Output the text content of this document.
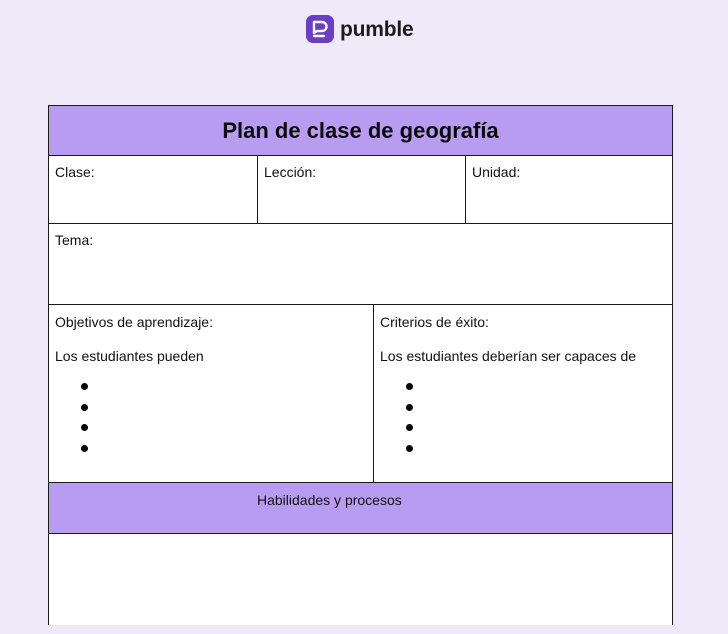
pumble
Plan de clase de geografía
Clase:	Lección:	Unidad:
Tema:
Objetivos de aprendizaje:
Los estudiantes pueden
Criterios de éxito:
Los estudiantes deberían ser capaces de
Habilidades y procesos
